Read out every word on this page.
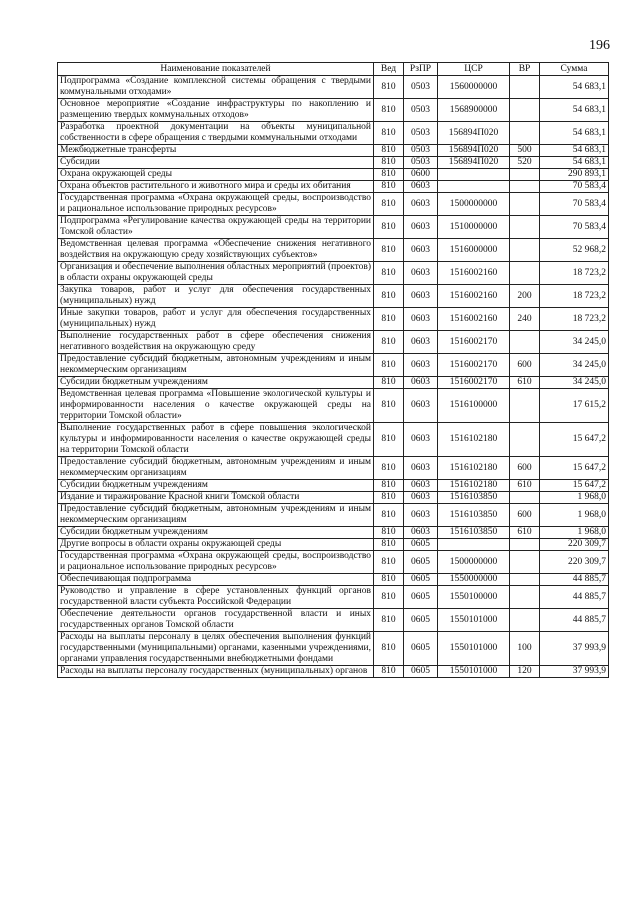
196
Наименование показателей	Вед	РзПР	ЦСР	ВР	Сумма
Подпрограмма «Создание комплексной системы обращения с твердыми коммунальными отходами»	810	0503	1560000000		54 683,1
Основное мероприятие «Создание инфраструктуры по накоплению и размещению твердых коммунальных отходов»	810	0503	1568900000		54 683,1
Разработка проектной документации на объекты муниципальной собственности в сфере обращения с твердыми коммунальными отходами	810	0503	156894П020		54 683,1
Межбюджетные трансферты	810	0503	156894П020	500	54 683,1
Субсидии	810	0503	156894П020	520	54 683,1
Охрана окружающей среды	810	0600			290 893,1
Охрана объектов растительного и животного мира и среды их обитания	810	0603			70 583,4
Государственная программа «Охрана окружающей среды, воспроизводство и рациональное использование природных ресурсов»	810	0603	1500000000		70 583,4
Подпрограмма «Регулирование качества окружающей среды на территории Томской области»	810	0603	1510000000		70 583,4
Ведомственная целевая программа «Обеспечение снижения негативного воздействия на окружающую среду хозяйствующих субъектов»	810	0603	1516000000		52 968,2
Организация и обеспечение выполнения областных мероприятий (проектов) в области охраны окружающей среды	810	0603	1516002160		18 723,2
Закупка товаров, работ и услуг для обеспечения государственных (муниципальных) нужд	810	0603	1516002160	200	18 723,2
Иные закупки товаров, работ и услуг для обеспечения государственных (муниципальных) нужд	810	0603	1516002160	240	18 723,2
Выполнение государственных работ в сфере обеспечения снижения негативного воздействия на окружающую среду	810	0603	1516002170		34 245,0
Предоставление субсидий бюджетным, автономным учреждениям и иным некоммерческим организациям	810	0603	1516002170	600	34 245,0
Субсидии бюджетным учреждениям	810	0603	1516002170	610	34 245,0
Ведомственная целевая программа «Повышение экологической культуры и информированности населения о качестве окружающей среды на территории Томской области»	810	0603	1516100000		17 615,2
Выполнение государственных работ в сфере повышения экологической культуры и информированности населения о качестве окружающей среды на территории Томской области	810	0603	1516102180		15 647,2
Предоставление субсидий бюджетным, автономным учреждениям и иным некоммерческим организациям	810	0603	1516102180	600	15 647,2
Субсидии бюджетным учреждениям	810	0603	1516102180	610	15 647,2
Издание и тиражирование Красной книги Томской области	810	0603	1516103850		1 968,0
Предоставление субсидий бюджетным, автономным учреждениям и иным некоммерческим организациям	810	0603	1516103850	600	1 968,0
Субсидии бюджетным учреждениям	810	0603	1516103850	610	1 968,0
Другие вопросы в области охраны окружающей среды	810	0605			220 309,7
Государственная программа «Охрана окружающей среды, воспроизводство и рациональное использование природных ресурсов»	810	0605	1500000000		220 309,7
Обеспечивающая подпрограмма	810	0605	1550000000		44 885,7
Руководство и управление в сфере установленных функций органов государственной власти субъекта Российской Федерации	810	0605	1550100000		44 885,7
Обеспечение деятельности органов государственной власти и иных государственных органов Томской области	810	0605	1550101000		44 885,7
Расходы на выплаты персоналу в целях обеспечения выполнения функций государственными (муниципальными) органами, казенными учреждениями, органами управления государственными внебюджетными фондами	810	0605	1550101000	100	37 993,9
Расходы на выплаты персоналу государственных (муниципальных) органов	810	0605	1550101000	120	37 993,9
